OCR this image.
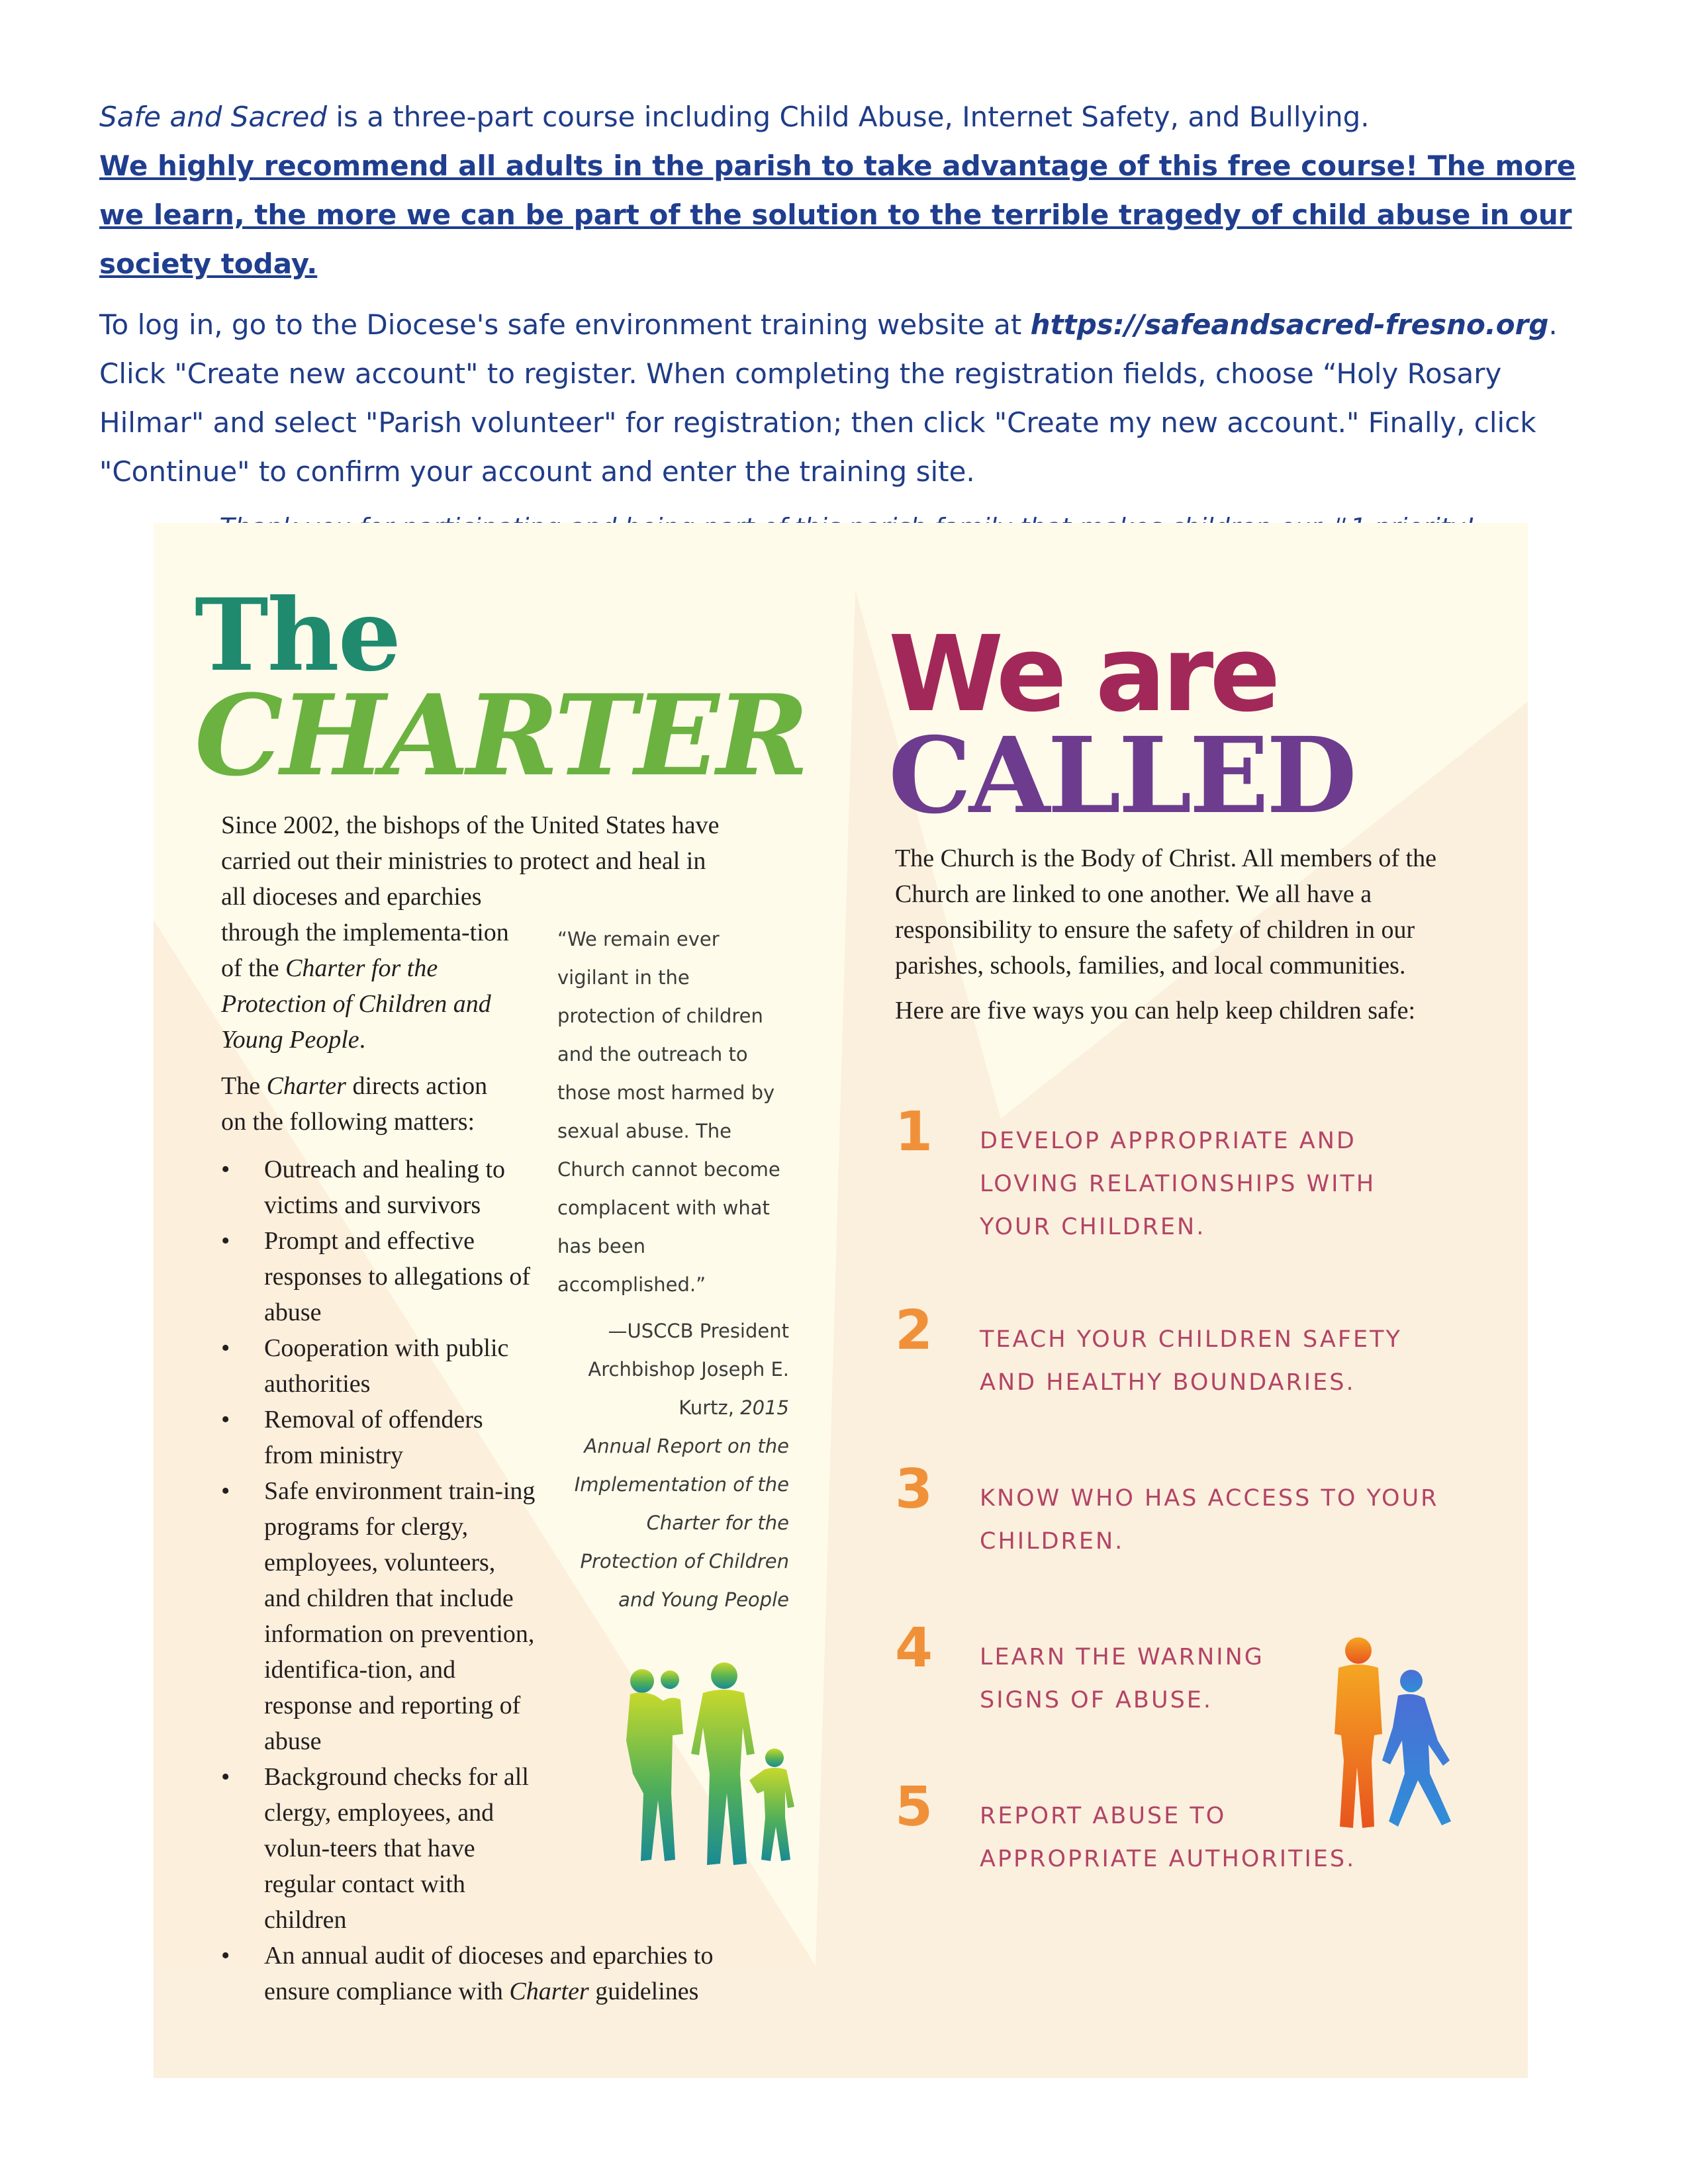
Safe and Sacred is a three-part course including Child Abuse, Internet Safety, and Bullying.

We highly recommend all adults in the parish to take advantage of this free course! The more we learn, the more we can be part of the solution to the terrible tragedy of child abuse in our society today.

To log in, go to the Diocese's safe environment training website at https://safeandsacred-fresno.org.

Click "Create new account" to register. When completing the registration fields, choose “Holy Rosary Hilmar" and select "Parish volunteer" for registration; then click "Create my new account." Finally, click "Continue" to confirm your account and enter the training site.

The
CHARTER We are
CALLED

Since 2002, the bishops of the United States have carried out their ministries to protect and heal in

all dioceses and eparchies through the implementa-tion of the Charter for the Protection of Children and Young People.

The Charter directs action on the following matters:

• Outreach and healing to victims and survivors
• Prompt and effective responses to allegations of abuse
• Cooperation with public authorities
• Removal of offenders from ministry
• Safe environment train-ing programs for clergy, employees, volunteers, and children that include information on prevention, identifica-tion, and response and reporting of abuse
• Background checks for all clergy, employees, and volun-teers that have regular contact with children
• An annual audit of dioceses and eparchies to ensure compliance with Charter guidelines
“We remain ever vigilant in the protection of children and the outreach to those most harmed by sexual abuse. The Church cannot become complacent with what has been accomplished.”
—USCCB President Archbishop Joseph E. Kurtz, 2015
Annual Report on the Implementation of the Charter for the Protection of Children and Young People

The Church is the Body of Christ. All members of the Church are linked to one another. We all have a responsibility to ensure the safety of children in our parishes, schools, families, and local communities.

Here are five ways you can help keep children safe:

1 DEVELOP APPROPRIATE AND LOVING RELATIONSHIPS WITH YOUR CHILDREN.
2 TEACH YOUR CHILDREN SAFETY AND HEALTHY BOUNDARIES.
3 KNOW WHO HAS ACCESS TO YOUR CHILDREN.
4 LEARN THE WARNING SIGNS OF ABUSE.
5 REPORT ABUSE TO APPROPRIATE AUTHORITIES.
